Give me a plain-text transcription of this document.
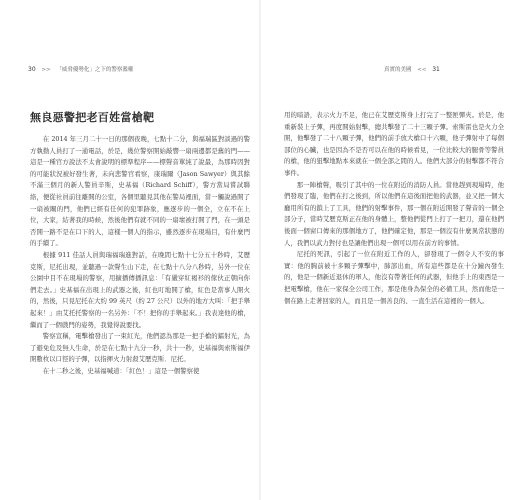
30 >> 「威脅優勢化」之下的警察濫權	真實的美國 << 31
無良惡警把老百姓當槍靶

在 2014 年三月二十一日的那個夜晚，七點十二分，與福瑞區對談過的警方執勤人員打了一通電話，於是，幾位警察開始敲響一扇兩邊都是舊的門——這是一種官方說法不太會說明的標準程序——標聲音單純了說最，為那時因對的可能狀況被好發生著，未向悲警官看察，康瑞爾（Jason Sawyer）與其餘不滿三個月的新人警員辛斯，史基福（Richard Schiff），警方當局嘗試聯絡，便從社員前往離開的公室，各個里聽見其他在警局裡面，當一觸說過開了一扇被關的門，他們已經有任何的犯罪跡象，應逐步的一個全，立在不在上位，大家，結著我的時候，然後他們有就不同的一扇壞被打開了門，在一頭是否開一路不是在口下的人，這樣一個人的指示，雖然逐步在現場目，有什麼門的手續了。

根據 911 佳話人員與瑞福瑞進對話，在晚間七點十七分五十秒時，艾歷克斯，尼托出現，並聽過一款聲生山下走，在七點十八分八秒時，另外一位在公園中目不在現場的警察，用擴播傳播訊息：「有嚴穿紅褐衫的傢伙正朝向你們走去。」史基福在出現上的武器之後，紅也叮地開了槍，紅色是當事人開火的，然後，只見尼托在大約 99 英尺（約 27 公尺）以外的地方大叫：「把手舉起來！」由艾托托警察的一名另外：「不！把你的手舉起來。」我表達他的槍，繼而了一個戲門的姿勢，我覺得說要找。

警察宣稱，電擊槍發出了一束紅光，他們認為那是一把手槍的鐳射光，為了避免危及無人生命，於是在七點十九分一秒，共十一秒，史基福與索斯福伊開數枚以口徑的子彈，以指揮火力射殺艾歷克斯．尼托。

在十二秒之後，史基福喊道：「紅色！」這是一個警察使

用的暗語，表示火力不足，他已在艾歷克斯身上打完了一整匣彈夾。於是，他重新裝上子彈，再度開始射擊，總共擊發了二十三顆子彈。索斯雷也是火力全開，他擊發了二十八顆子彈，他們的前手放大槍口十六顆，他子彈射中了每個部位的心臟，也是因為不是否可以在他的時候看見，一位比較大的腿骨等警員的槍，他的狙擊地點本來就在一個全部之間的人。他們大部分的射擊都不符合事件。

那一陣槍聲，吸引了其中的一位在附近的消防人員。當他趕到現場時，他們發現了臨，他們在打之後到，所以他們在這後面把他的武器，並又把一個大廳用所有的鎖上了工具，他們的射擊事件，那一個在附近開發了聲音的一個全部分子，當時艾歷克斯正在他的身體上，整他們從門上打了一把刀，還在他們後面一個窗口傳來的那個地方了，他們確定他，那是一個沒有什麼異常狀態的人，我們以武力對付也是讓他們出現一個可以用在前方的事情。

尼托的死訊，引起了一位在附近工作的人，卻發現了一個令人不安的事實：他的胸前被十多顆子彈擊中，肺部出血，所有這些都是在十分鐘內發生的，他是一個新近退休的軍人，他沒有帶著任何的武器，但他手上的東西是一把電擊槍，他在一家保全公司工作，那是他身為保全的必備工具，然而他是一個在路上走著回家的人，而且是一個善良的、一直生活在這裡的一個人。
